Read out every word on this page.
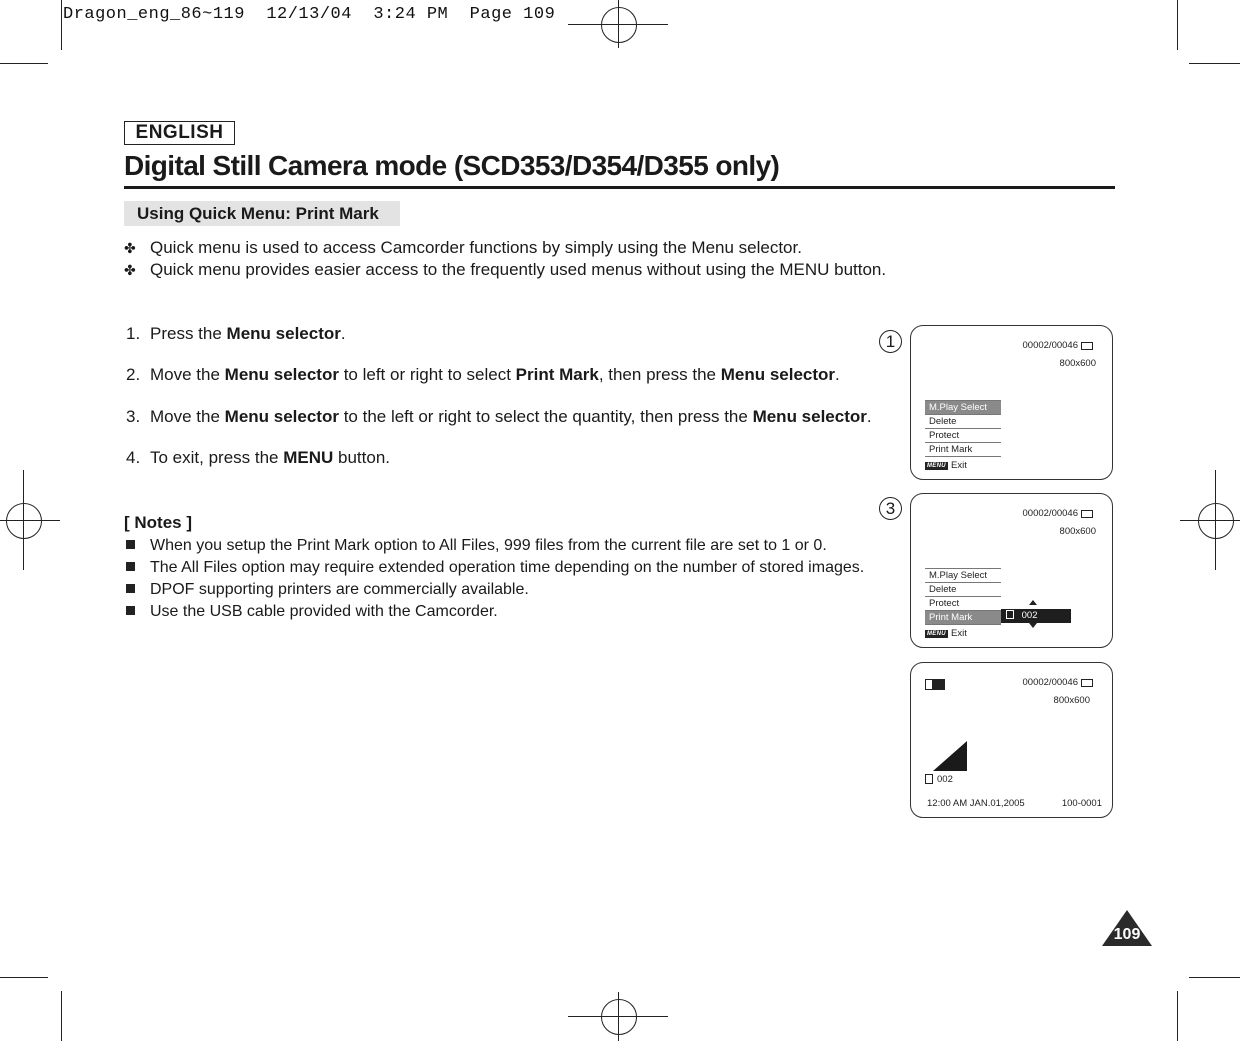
Dragon_eng_86~119  12/13/04  3:24 PM  Page 109
ENGLISH
Digital Still Camera mode (SCD353/D354/D355 only)
Using Quick Menu: Print Mark
✤ Quick menu is used to access Camcorder functions by simply using the Menu selector.
✤ Quick menu provides easier access to the frequently used menus without using the MENU button.
1. Press the Menu selector.
2. Move the Menu selector to left or right to select Print Mark, then press the Menu selector.
3. Move the Menu selector to the left or right to select the quantity, then press the Menu selector.
4. To exit, press the MENU button.
[ Notes ]
When you setup the Print Mark option to All Files, 999 files from the current file are set to 1 or 0.
The All Files option may require extended operation time depending on the number of stored images.
DPOF supporting printers are commercially available.
Use the USB cable provided with the Camcorder.
1	00002/00046
800x600
M.Play Select
Delete
Protect
Print Mark
MENU Exit
3	00002/00046
800x600
M.Play Select
Delete
Protect
Print Mark	002
MENU Exit
00002/00046
800x600
002
12:00 AM JAN.01,2005	100-0001
109
